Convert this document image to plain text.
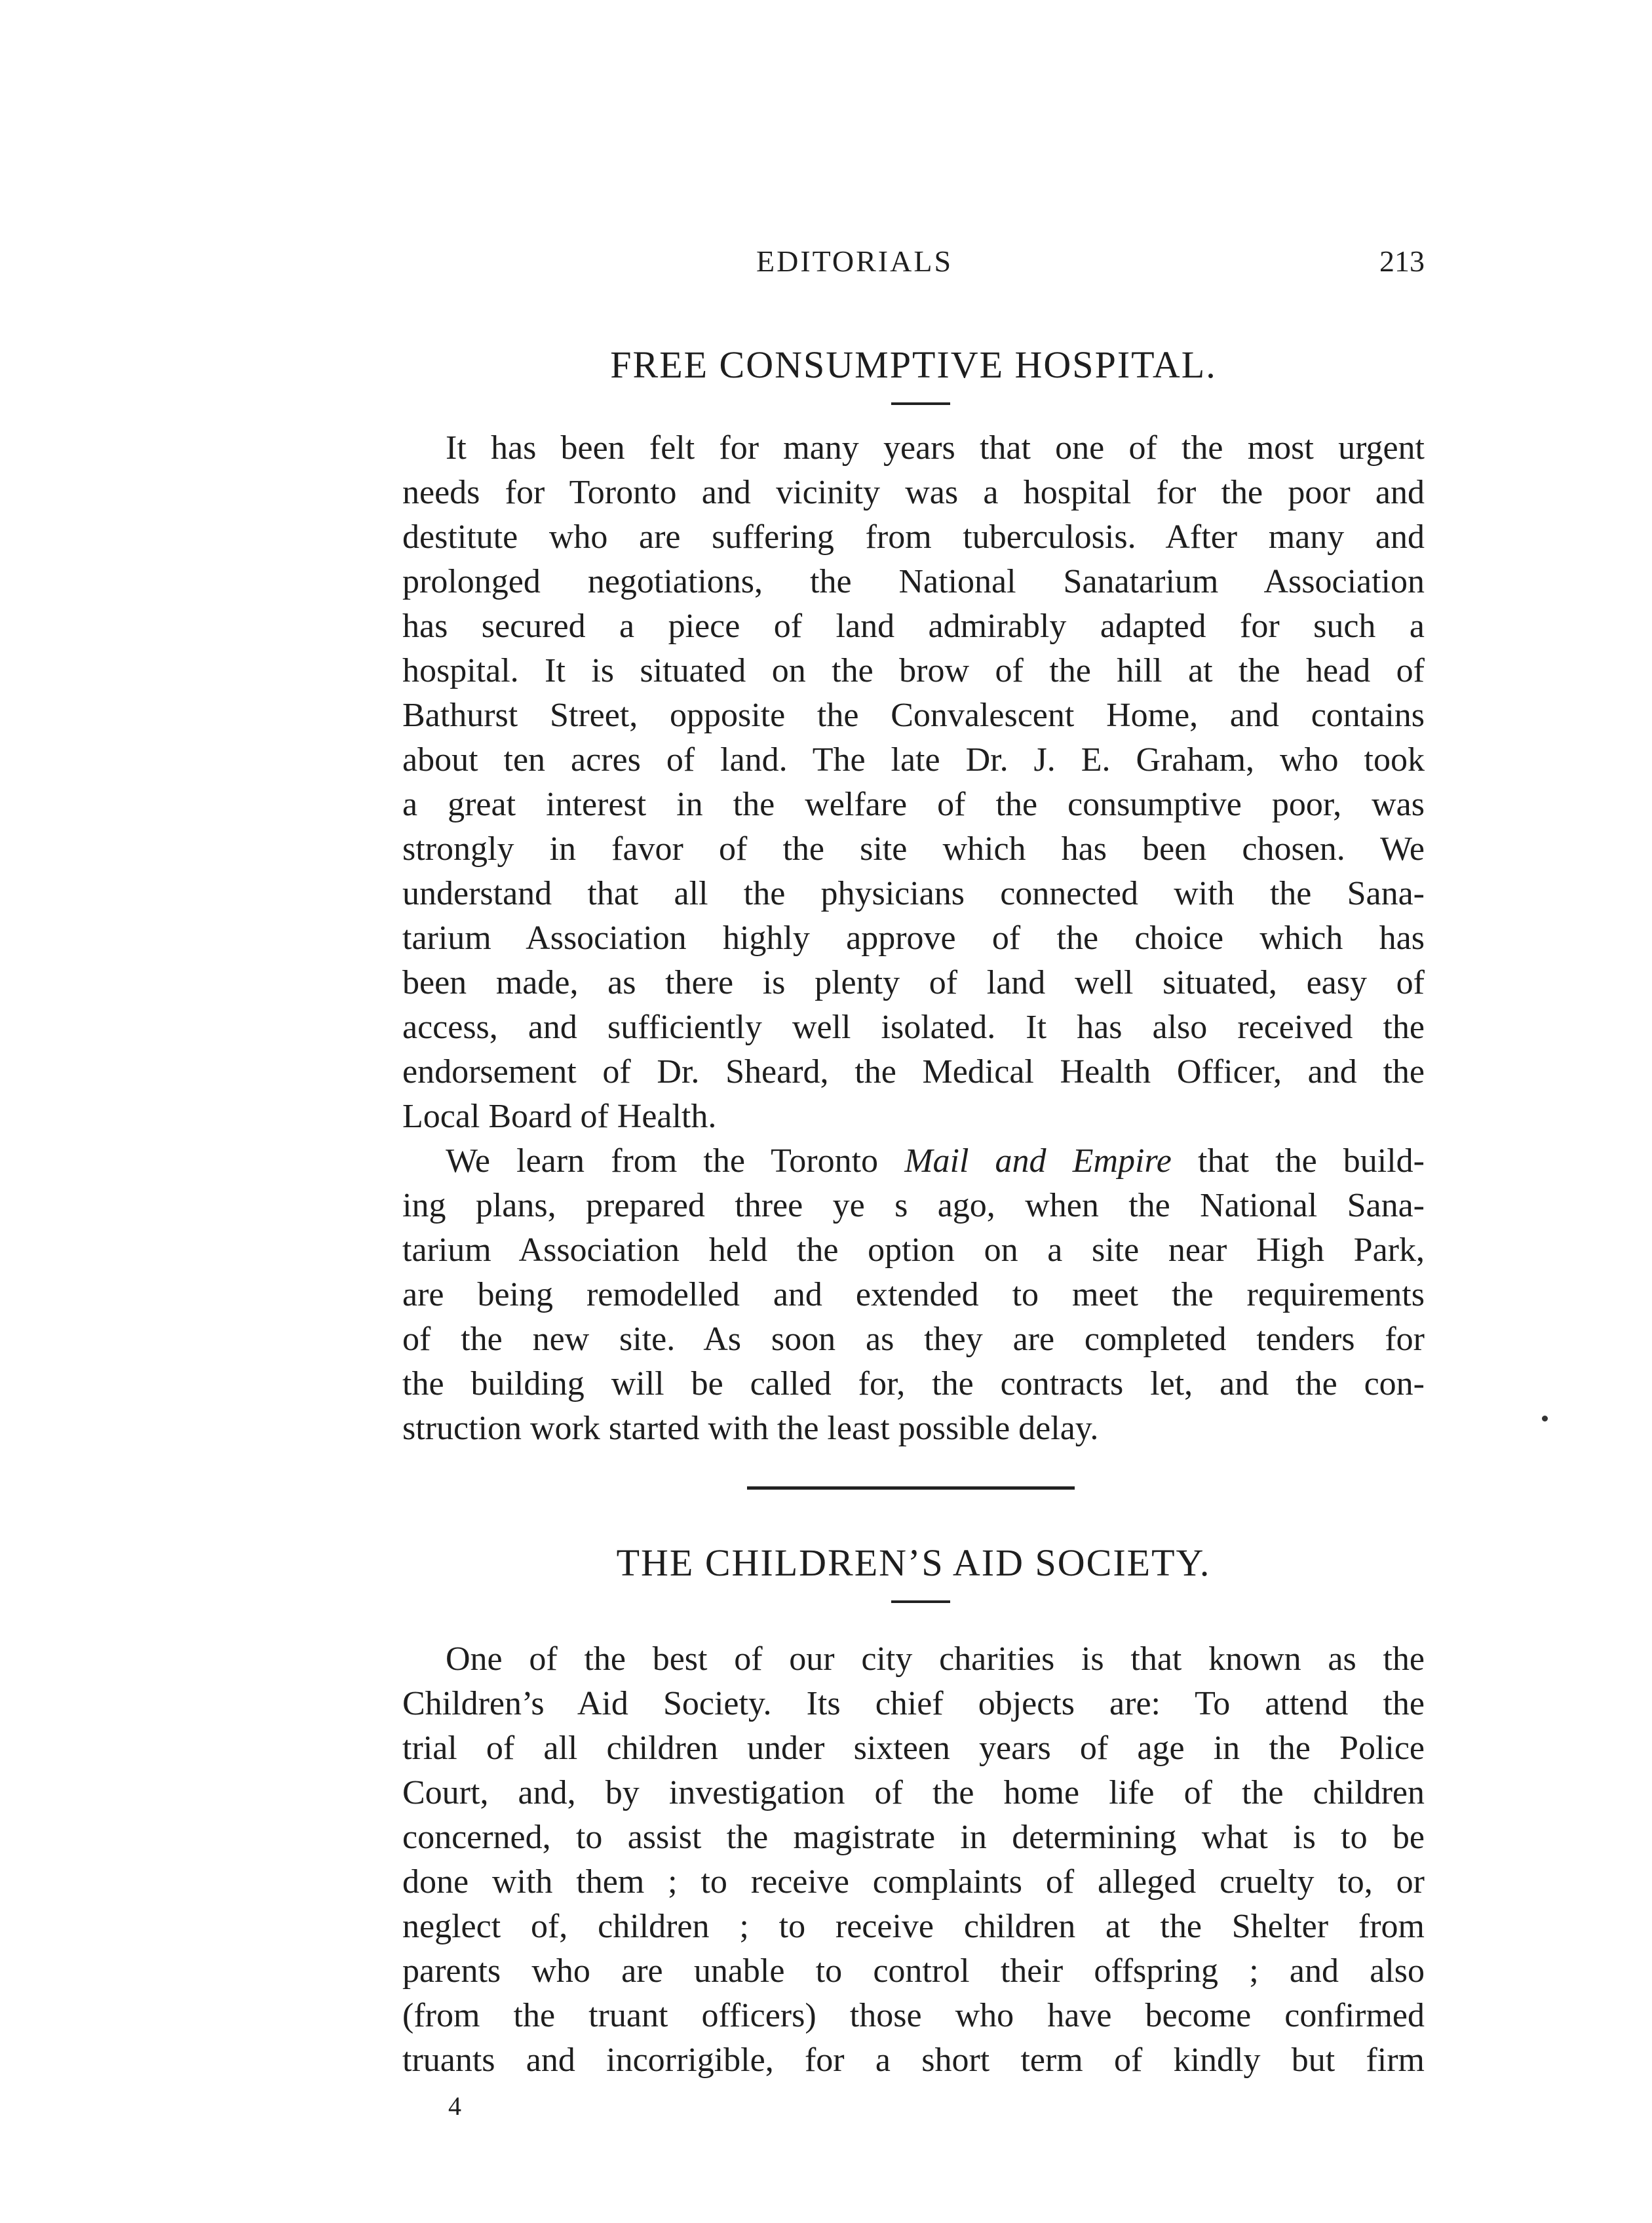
EDITORIALS	213
FREE CONSUMPTIVE HOSPITAL.
It has been felt for many years that one of the most urgent
needs for Toronto and vicinity was a hospital for the poor and
destitute who are suffering from tuberculosis. After many and
prolonged negotiations, the National Sanatarium Association
has secured a piece of land admirably adapted for such a
hospital. It is situated on the brow of the hill at the head of
Bathurst Street, opposite the Convalescent Home, and contains
about ten acres of land. The late Dr. J. E. Graham, who took
a great interest in the welfare of the consumptive poor, was
strongly in favor of the site which has been chosen. We
understand that all the physicians connected with the Sana-
tarium Association highly approve of the choice which has
been made, as there is plenty of land well situated, easy of
access, and sufficiently well isolated. It has also received the
endorsement of Dr. Sheard, the Medical Health Officer, and the
Local Board of Health.
We learn from the Toronto Mail and Empire that the build-
ing plans, prepared three ye s ago, when the National Sana-
tarium Association held the option on a site near High Park,
are being remodelled and extended to meet the requirements
of the new site. As soon as they are completed tenders for
the building will be called for, the contracts let, and the con-
struction work started with the least possible delay.
THE CHILDREN’S AID SOCIETY.
One of the best of our city charities is that known as the
Children’s Aid Society. Its chief objects are: To attend the
trial of all children under sixteen years of age in the Police
Court, and, by investigation of the home life of the children
concerned, to assist the magistrate in determining what is to be
done with them ; to receive complaints of alleged cruelty to, or
neglect of, children ; to receive children at the Shelter from
parents who are unable to control their offspring ; and also
(from the truant officers) those who have become confirmed
truants and incorrigible, for a short term of kindly but firm
4
